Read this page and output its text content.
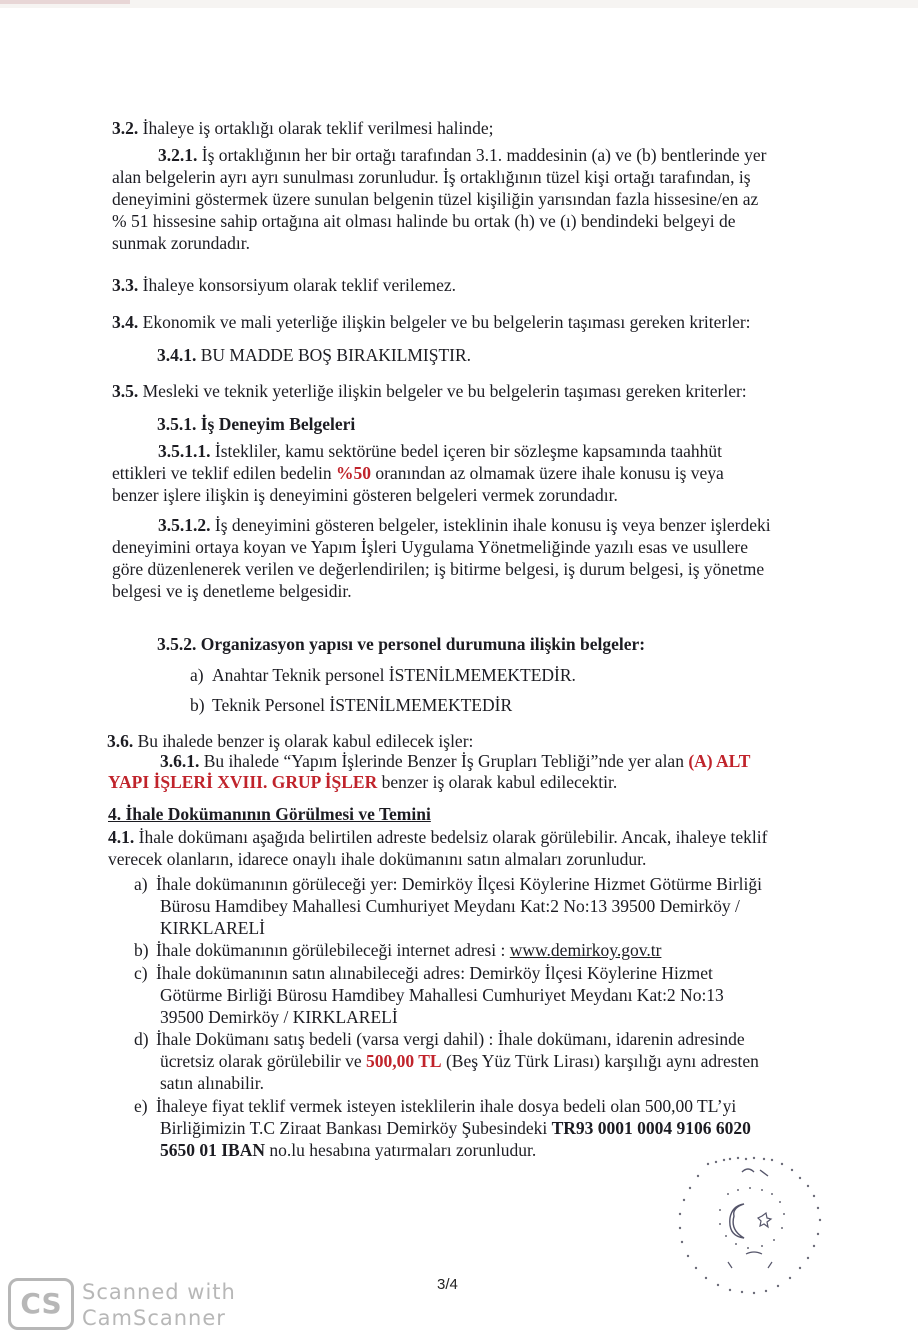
3.2. İhaleye iş ortaklığı olarak teklif verilmesi halinde;
3.2.1. İş ortaklığının her bir ortağı tarafından 3.1. maddesinin (a) ve (b) bentlerinde yer
alan belgelerin ayrı ayrı sunulması zorunludur. İş ortaklığının tüzel kişi ortağı tarafından, iş
deneyimini göstermek üzere sunulan belgenin tüzel kişiliğin yarısından fazla hissesine/en az
% 51 hissesine sahip ortağına ait olması halinde bu ortak (h) ve (ı) bendindeki belgeyi de
sunmak zorundadır.
3.3. İhaleye konsorsiyum olarak teklif verilemez.
3.4. Ekonomik ve mali yeterliğe ilişkin belgeler ve bu belgelerin taşıması gereken kriterler:
3.4.1. BU MADDE BOŞ BIRAKILMIŞTIR.
3.5. Mesleki ve teknik yeterliğe ilişkin belgeler ve bu belgelerin taşıması gereken kriterler:
3.5.1. İş Deneyim Belgeleri
3.5.1.1. İstekliler, kamu sektörüne bedel içeren bir sözleşme kapsamında taahhüt
ettikleri ve teklif edilen bedelin %50 oranından az olmamak üzere ihale konusu iş veya
benzer işlere ilişkin iş deneyimini gösteren belgeleri vermek zorundadır.
3.5.1.2. İş deneyimini gösteren belgeler, isteklinin ihale konusu iş veya benzer işlerdeki
deneyimini ortaya koyan ve Yapım İşleri Uygulama Yönetmeliğinde yazılı esas ve usullere
göre düzenlenerek verilen ve değerlendirilen; iş bitirme belgesi, iş durum belgesi, iş yönetme
belgesi ve iş denetleme belgesidir.
3.5.2. Organizasyon yapısı ve personel durumuna ilişkin belgeler:
a) Anahtar Teknik personel İSTENİLMEMEKTEDİR.
b) Teknik Personel İSTENİLMEMEKTEDİR
3.6. Bu ihalede benzer iş olarak kabul edilecek işler:
3.6.1. Bu ihalede “Yapım İşlerinde Benzer İş Grupları Tebliği”nde yer alan (A) ALT
YAPI İŞLERİ XVIII. GRUP İŞLER benzer iş olarak kabul edilecektir.
4. İhale Dokümanının Görülmesi ve Temini
4.1. İhale dokümanı aşağıda belirtilen adreste bedelsiz olarak görülebilir. Ancak, ihaleye teklif
verecek olanların, idarece onaylı ihale dokümanını satın almaları zorunludur.
a) İhale dokümanının görüleceği yer: Demirköy İlçesi Köylerine Hizmet Götürme Birliği
Bürosu Hamdibey Mahallesi Cumhuriyet Meydanı Kat:2 No:13 39500 Demirköy /
KIRKLARELİ
b) İhale dokümanının görülebileceği internet adresi : www.demirkoy.gov.tr
c) İhale dokümanının satın alınabileceği adres: Demirköy İlçesi Köylerine Hizmet
Götürme Birliği Bürosu Hamdibey Mahallesi Cumhuriyet Meydanı Kat:2 No:13
39500 Demirköy / KIRKLARELİ
d) İhale Dokümanı satış bedeli (varsa vergi dahil) : İhale dokümanı, idarenin adresinde
ücretsiz olarak görülebilir ve 500,00 TL (Beş Yüz Türk Lirası) karşılığı aynı adresten
satın alınabilir.
e) İhaleye fiyat teklif vermek isteyen isteklilerin ihale dosya bedeli olan 500,00 TL’yi
Birliğimizin T.C Ziraat Bankası Demirköy Şubesindeki TR93 0001 0004 9106 6020
5650 01 IBAN no.lu hesabına yatırmaları zorunludur.
3/4
CS Scanned with
CamScanner
